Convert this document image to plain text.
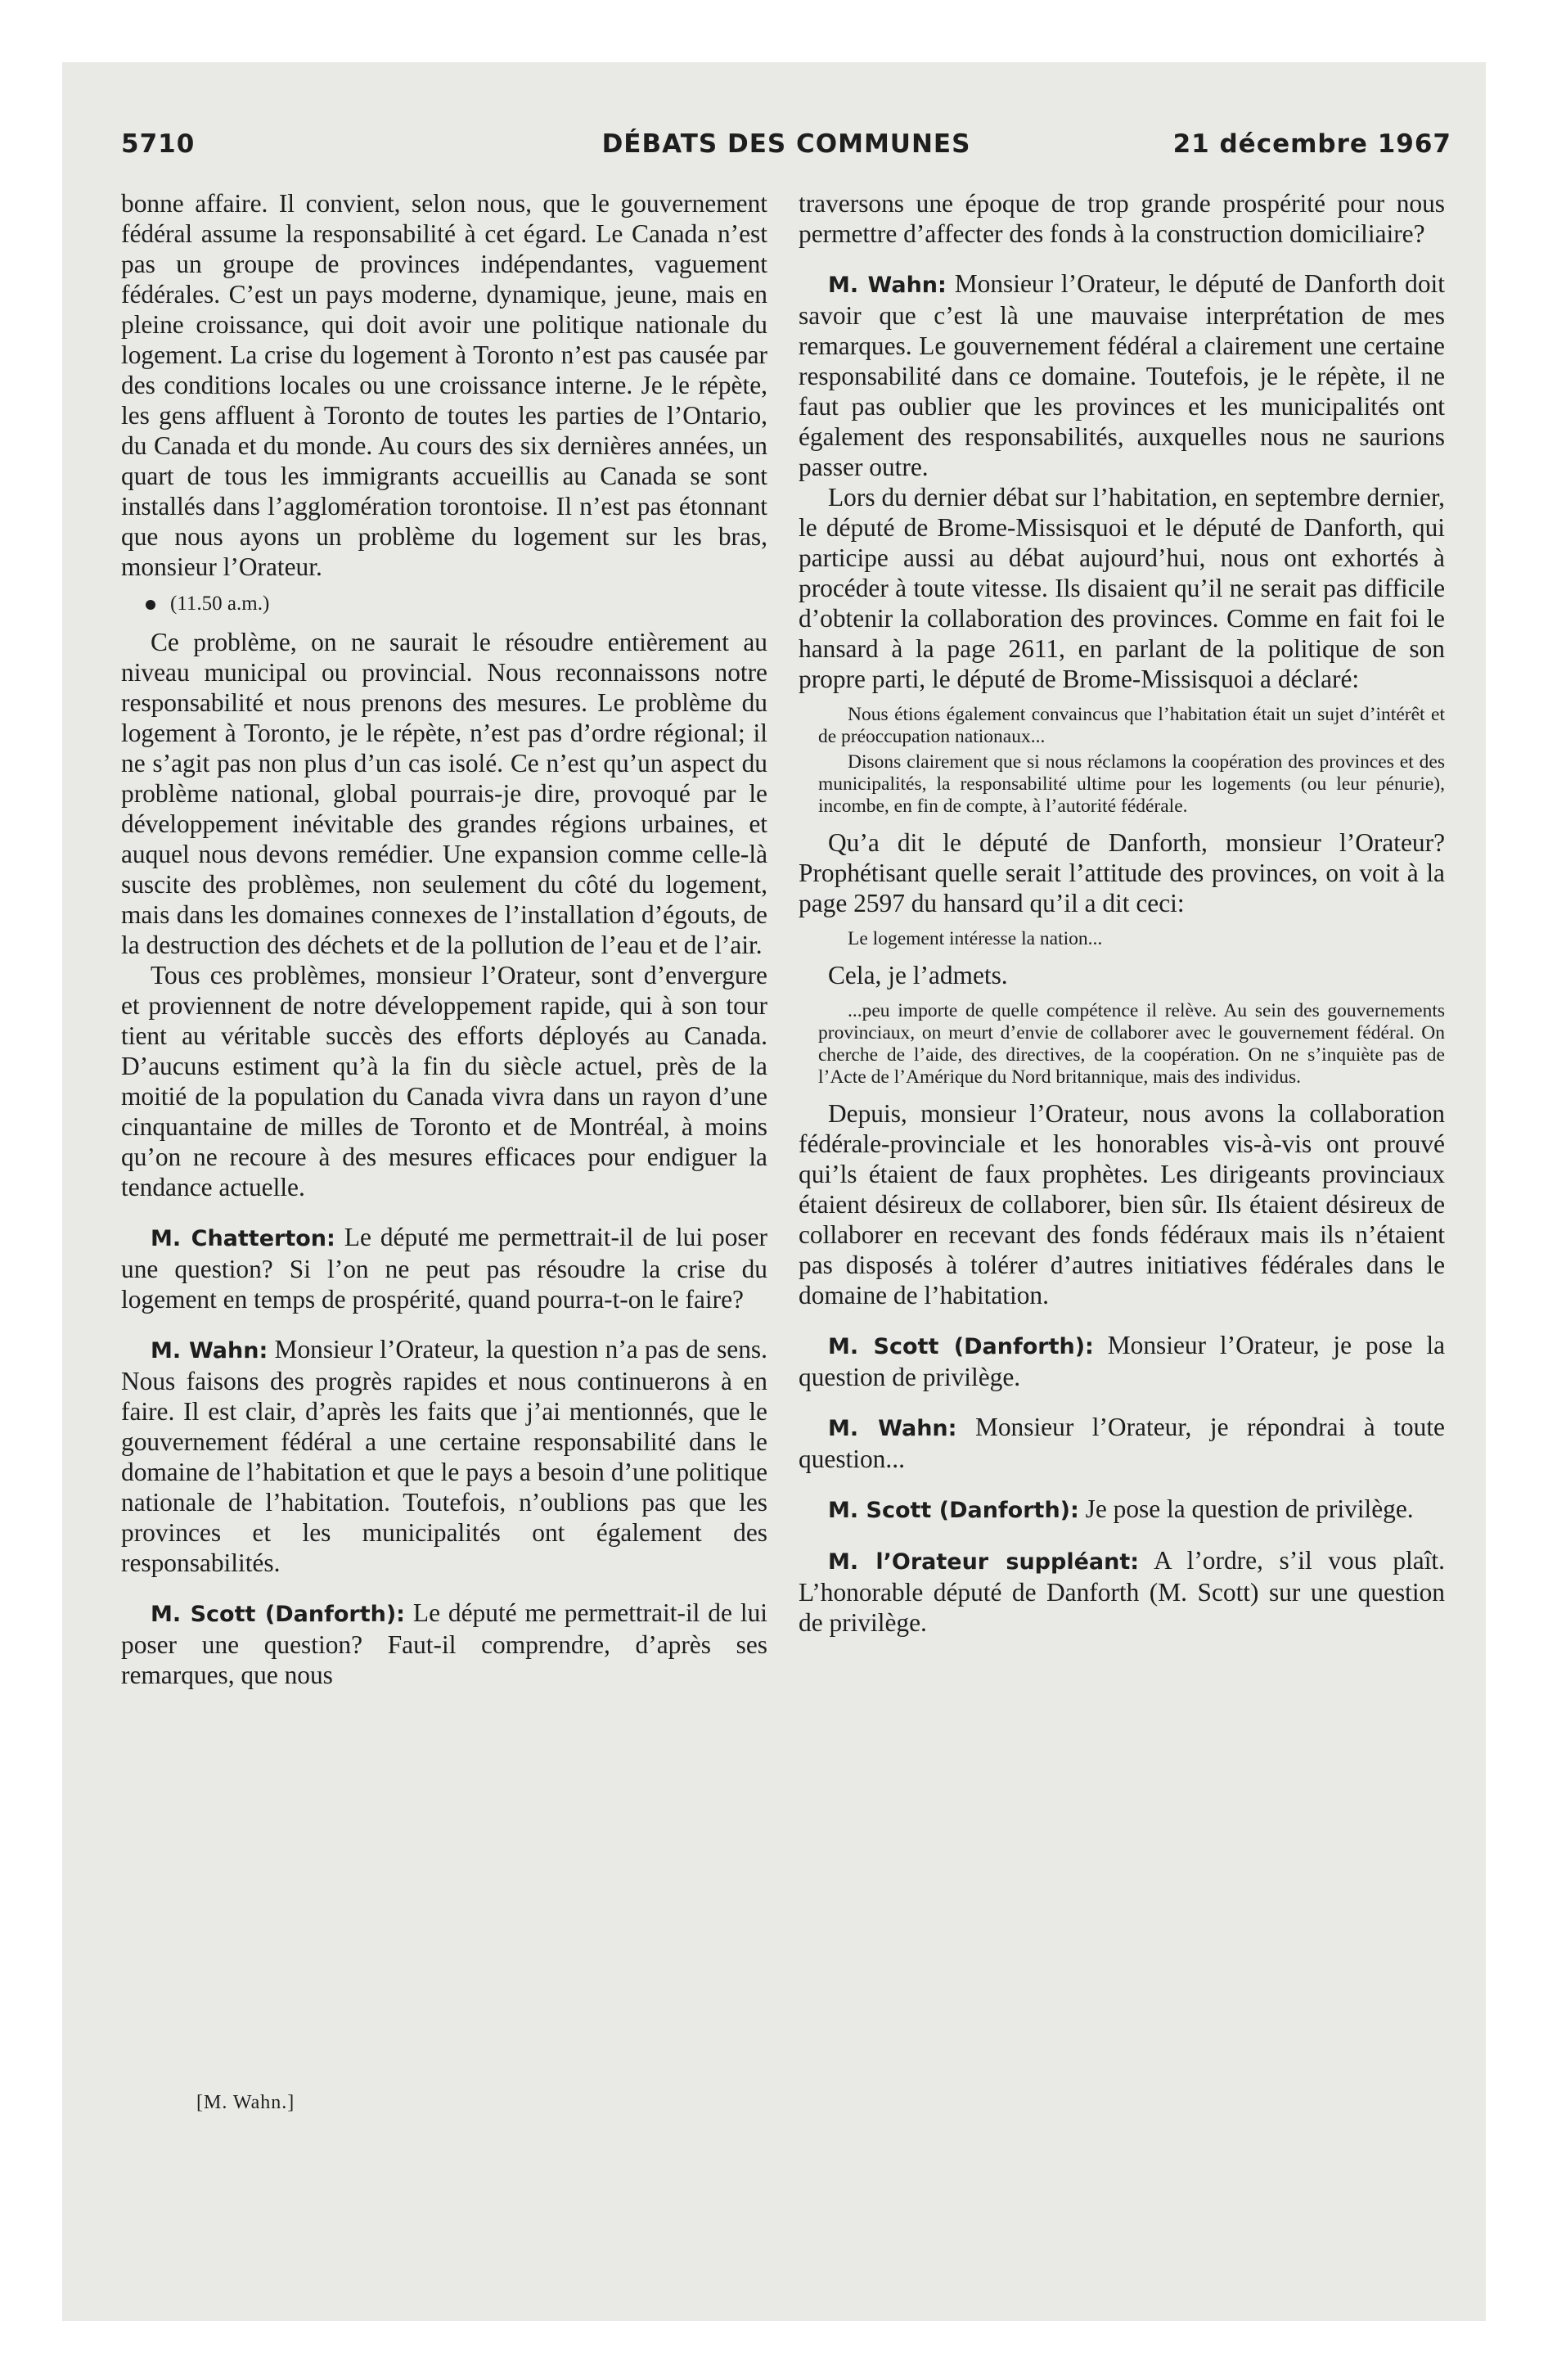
5710	DÉBATS DES COMMUNES	21 décembre 1967

bonne affaire. Il convient, selon nous, que le gouvernement fédéral assume la responsabilité à cet égard. Le Canada n’est pas un groupe de provinces indépendantes, vaguement fédérales. C’est un pays moderne, dynamique, jeune, mais en pleine croissance, qui doit avoir une politique nationale du logement. La crise du logement à Toronto n’est pas causée par des conditions locales ou une croissance interne. Je le répète, les gens affluent à Toronto de toutes les parties de l’Ontario, du Canada et du monde. Au cours des six dernières années, un quart de tous les immigrants accueillis au Canada se sont installés dans l’agglomération torontoise. Il n’est pas étonnant que nous ayons un problème du logement sur les bras, monsieur l’Orateur.

(11.50 a.m.)

Ce problème, on ne saurait le résoudre entièrement au niveau municipal ou provincial. Nous reconnaissons notre responsabilité et nous prenons des mesures. Le problème du logement à Toronto, je le répète, n’est pas d’ordre régional; il ne s’agit pas non plus d’un cas isolé. Ce n’est qu’un aspect du problème national, global pourrais-je dire, provoqué par le développement inévitable des grandes régions urbaines, et auquel nous devons remédier. Une expansion comme celle-là suscite des problèmes, non seulement du côté du logement, mais dans les domaines connexes de l’installation d’égouts, de la destruction des déchets et de la pollution de l’eau et de l’air.

Tous ces problèmes, monsieur l’Orateur, sont d’envergure et proviennent de notre développement rapide, qui à son tour tient au véritable succès des efforts déployés au Canada. D’aucuns estiment qu’à la fin du siècle actuel, près de la moitié de la population du Canada vivra dans un rayon d’une cinquantaine de milles de Toronto et de Montréal, à moins qu’on ne recoure à des mesures efficaces pour endiguer la tendance actuelle.

M. Chatterton: Le député me permettrait-il de lui poser une question? Si l’on ne peut pas résoudre la crise du logement en temps de prospérité, quand pourra-t-on le faire?

M. Wahn: Monsieur l’Orateur, la question n’a pas de sens. Nous faisons des progrès rapides et nous continuerons à en faire. Il est clair, d’après les faits que j’ai mentionnés, que le gouvernement fédéral a une certaine responsabilité dans le domaine de l’habitation et que le pays a besoin d’une politique nationale de l’habitation. Toutefois, n’oublions pas que les provinces et les municipalités ont également des responsabilités.

M. Scott (Danforth): Le député me permettrait-il de lui poser une question? Faut-il comprendre, d’après ses remarques, que nous

traversons une époque de trop grande prospérité pour nous permettre d’affecter des fonds à la construction domiciliaire?

M. Wahn: Monsieur l’Orateur, le député de Danforth doit savoir que c’est là une mauvaise interprétation de mes remarques. Le gouvernement fédéral a clairement une certaine responsabilité dans ce domaine. Toutefois, je le répète, il ne faut pas oublier que les provinces et les municipalités ont également des responsabilités, auxquelles nous ne saurions passer outre.

Lors du dernier débat sur l’habitation, en septembre dernier, le député de Brome-Missisquoi et le député de Danforth, qui participe aussi au débat aujourd’hui, nous ont exhortés à procéder à toute vitesse. Ils disaient qu’il ne serait pas difficile d’obtenir la collaboration des provinces. Comme en fait foi le hansard à la page 2611, en parlant de la politique de son propre parti, le député de Brome-Missisquoi a déclaré:

Nous étions également convaincus que l’habitation était un sujet d’intérêt et de préoccupation nationaux...

Disons clairement que si nous réclamons la coopération des provinces et des municipalités, la responsabilité ultime pour les logements (ou leur pénurie), incombe, en fin de compte, à l’autorité fédérale.

Qu’a dit le député de Danforth, monsieur l’Orateur? Prophétisant quelle serait l’attitude des provinces, on voit à la page 2597 du hansard qu’il a dit ceci:

Le logement intéresse la nation...

Cela, je l’admets.

...peu importe de quelle compétence il relève. Au sein des gouvernements provinciaux, on meurt d’envie de collaborer avec le gouvernement fédéral. On cherche de l’aide, des directives, de la coopération. On ne s’inquiète pas de l’Acte de l’Amérique du Nord britannique, mais des individus.

Depuis, monsieur l’Orateur, nous avons la collaboration fédérale-provinciale et les honorables vis-à-vis ont prouvé qui’ls étaient de faux prophètes. Les dirigeants provinciaux étaient désireux de collaborer, bien sûr. Ils étaient désireux de collaborer en recevant des fonds fédéraux mais ils n’étaient pas disposés à tolérer d’autres initiatives fédérales dans le domaine de l’habitation.

M. Scott (Danforth): Monsieur l’Orateur, je pose la question de privilège.

M. Wahn: Monsieur l’Orateur, je répondrai à toute question...

M. Scott (Danforth): Je pose la question de privilège.

M. l’Orateur suppléant: A l’ordre, s’il vous plaît. L’honorable député de Danforth (M. Scott) sur une question de privilège.

[M. Wahn.]
